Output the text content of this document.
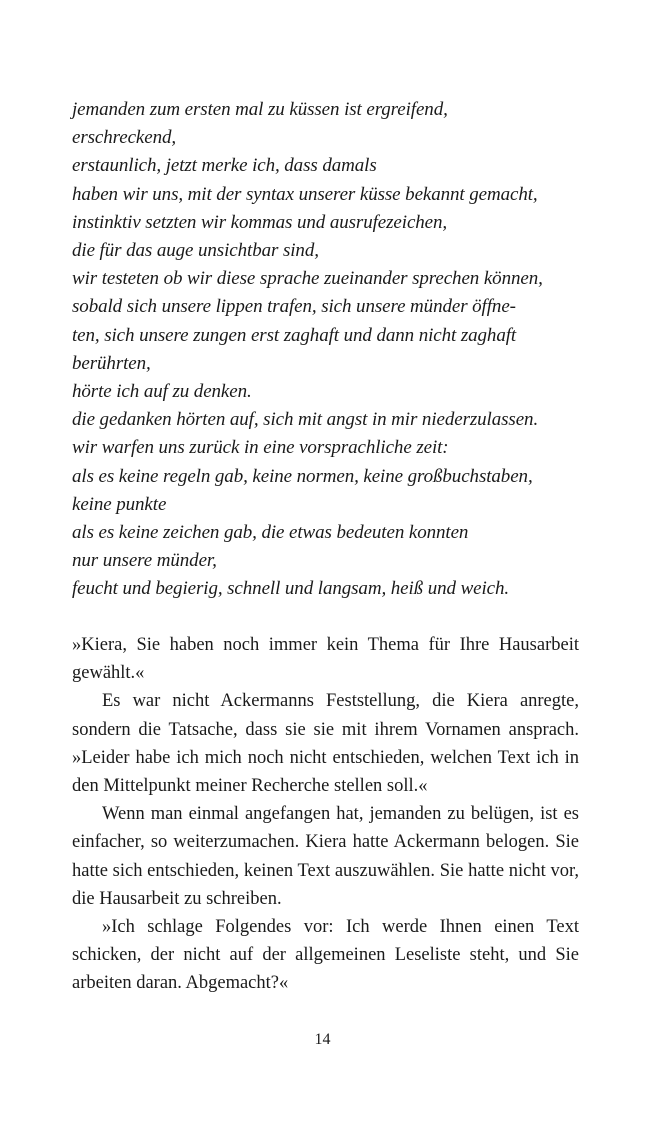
jemanden zum ersten mal zu küssen ist ergreifend,
erschreckend,
erstaunlich, jetzt merke ich, dass damals
haben wir uns, mit der syntax unserer küsse bekannt gemacht,
instinktiv setzten wir kommas und ausrufezeichen,
die für das auge unsichtbar sind,
wir testeten ob wir diese sprache zueinander sprechen können,
sobald sich unsere lippen trafen, sich unsere münder öffne-
ten, sich unsere zungen erst zaghaft und dann nicht zaghaft
berührten,
hörte ich auf zu denken.
die gedanken hörten auf, sich mit angst in mir niederzulassen.
wir warfen uns zurück in eine vorsprachliche zeit:
als es keine regeln gab, keine normen, keine großbuchstaben,
keine punkte
als es keine zeichen gab, die etwas bedeuten konnten
nur unsere münder,
feucht und begierig, schnell und langsam, heiß und weich.

»Kiera, Sie haben noch immer kein Thema für Ihre Hausarbeit gewählt.«

Es war nicht Ackermanns Feststellung, die Kiera anregte, sondern die Tatsache, dass sie sie mit ihrem Vornamen ansprach. »Leider habe ich mich noch nicht entschieden, welchen Text ich in den Mittelpunkt meiner Recherche stellen soll.«

Wenn man einmal angefangen hat, jemanden zu belügen, ist es einfacher, so weiterzumachen. Kiera hatte Ackermann belogen. Sie hatte sich entschieden, keinen Text auszuwählen. Sie hatte nicht vor, die Hausarbeit zu schreiben.

»Ich schlage Folgendes vor: Ich werde Ihnen einen Text schicken, der nicht auf der allgemeinen Leseliste steht, und Sie arbeiten daran. Abgemacht?«

14
